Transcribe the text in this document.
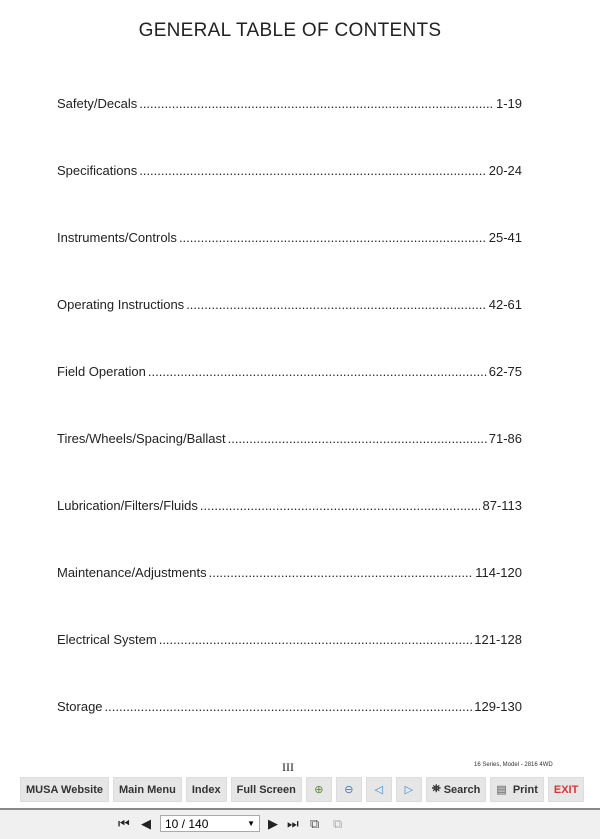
GENERAL TABLE OF CONTENTS
Safety/Decals .....	1-19
Specifications .....	20-24
Instruments/Controls .....	25-41
Operating Instructions .....	42-61
Field Operation .....	62-75
Tires/Wheels/Spacing/Ballast .....	71-86
Lubrication/Filters/Fluids .....	87-113
Maintenance/Adjustments .....	114-120
Electrical System .....	121-128
Storage .....	129-130
III	16 Series, Model - 2816 4WD
MUSA Website	Main Menu	Index	Full Screen	⊕	⊖	◁	▷	⛯ Search ▤ Print	EXIT
⏮ ◀ 10 / 140	▼ ▶ ⏭ ⧉ ⧉
